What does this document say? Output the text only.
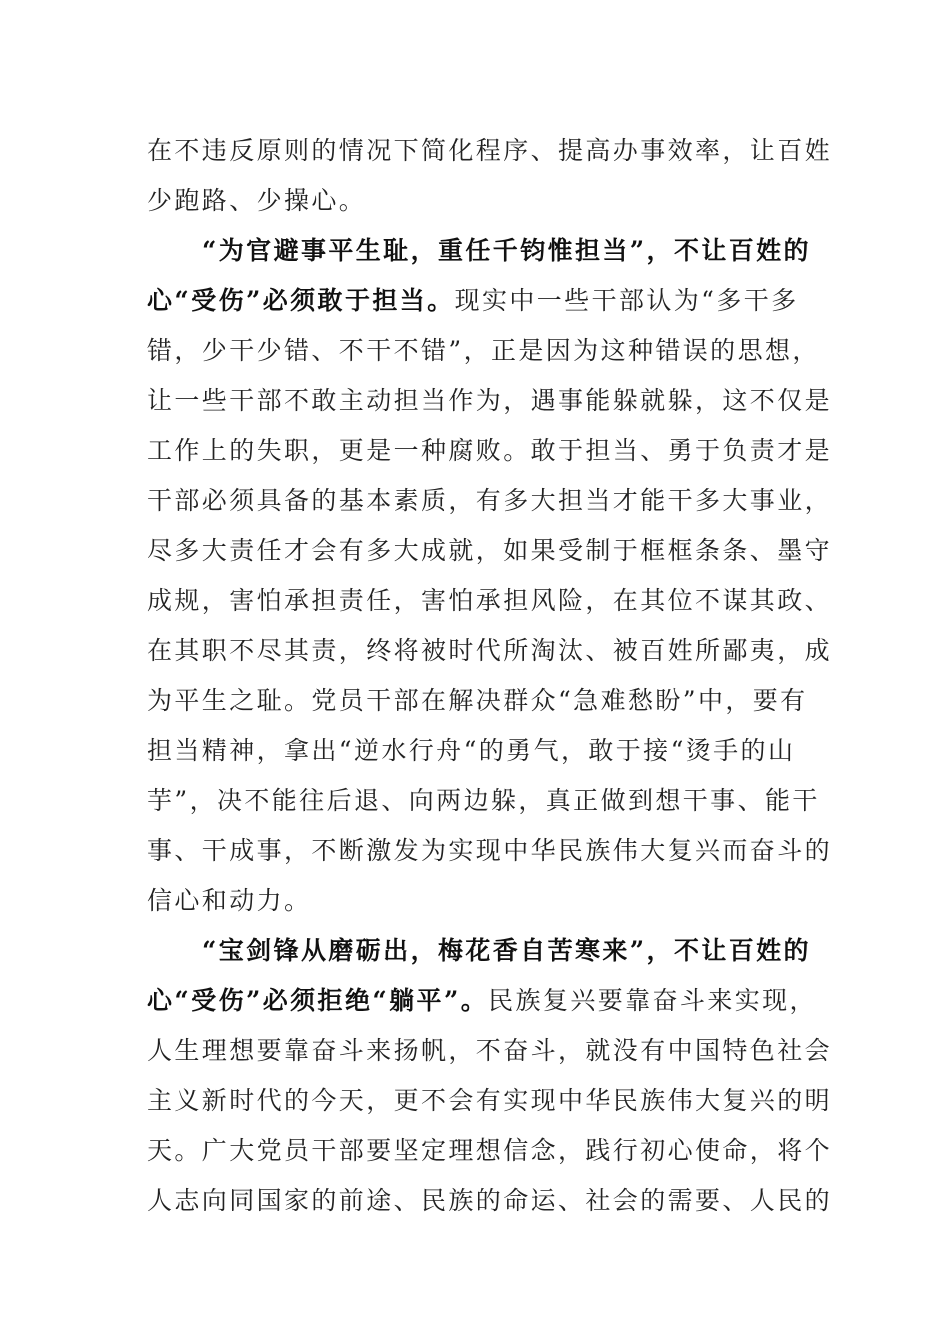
在不违反原则的情况下简化程序、提高办事效率，让百姓
少跑路、少操心。
“为官避事平生耻，重任千钧惟担当”，不让百姓的
心“受伤”必须敢于担当。现实中一些干部认为“多干多
错，少干少错、不干不错”，正是因为这种错误的思想，
让一些干部不敢主动担当作为，遇事能躲就躲，这不仅是
工作上的失职，更是一种腐败。敢于担当、勇于负责才是
干部必须具备的基本素质，有多大担当才能干多大事业，
尽多大责任才会有多大成就，如果受制于框框条条、墨守
成规，害怕承担责任，害怕承担风险，在其位不谋其政、
在其职不尽其责，终将被时代所淘汰、被百姓所鄙夷，成
为平生之耻。党员干部在解决群众“急难愁盼”中，要有
担当精神，拿出“逆水行舟“的勇气，敢于接“烫手的山
芋”，决不能往后退、向两边躲，真正做到想干事、能干
事、干成事，不断激发为实现中华民族伟大复兴而奋斗的
信心和动力。
“宝剑锋从磨砺出，梅花香自苦寒来”，不让百姓的
心“受伤”必须拒绝“躺平”。民族复兴要靠奋斗来实现，
人生理想要靠奋斗来扬帆，不奋斗，就没有中国特色社会
主义新时代的今天，更不会有实现中华民族伟大复兴的明
天。广大党员干部要坚定理想信念，践行初心使命，将个
人志向同国家的前途、民族的命运、社会的需要、人民的
